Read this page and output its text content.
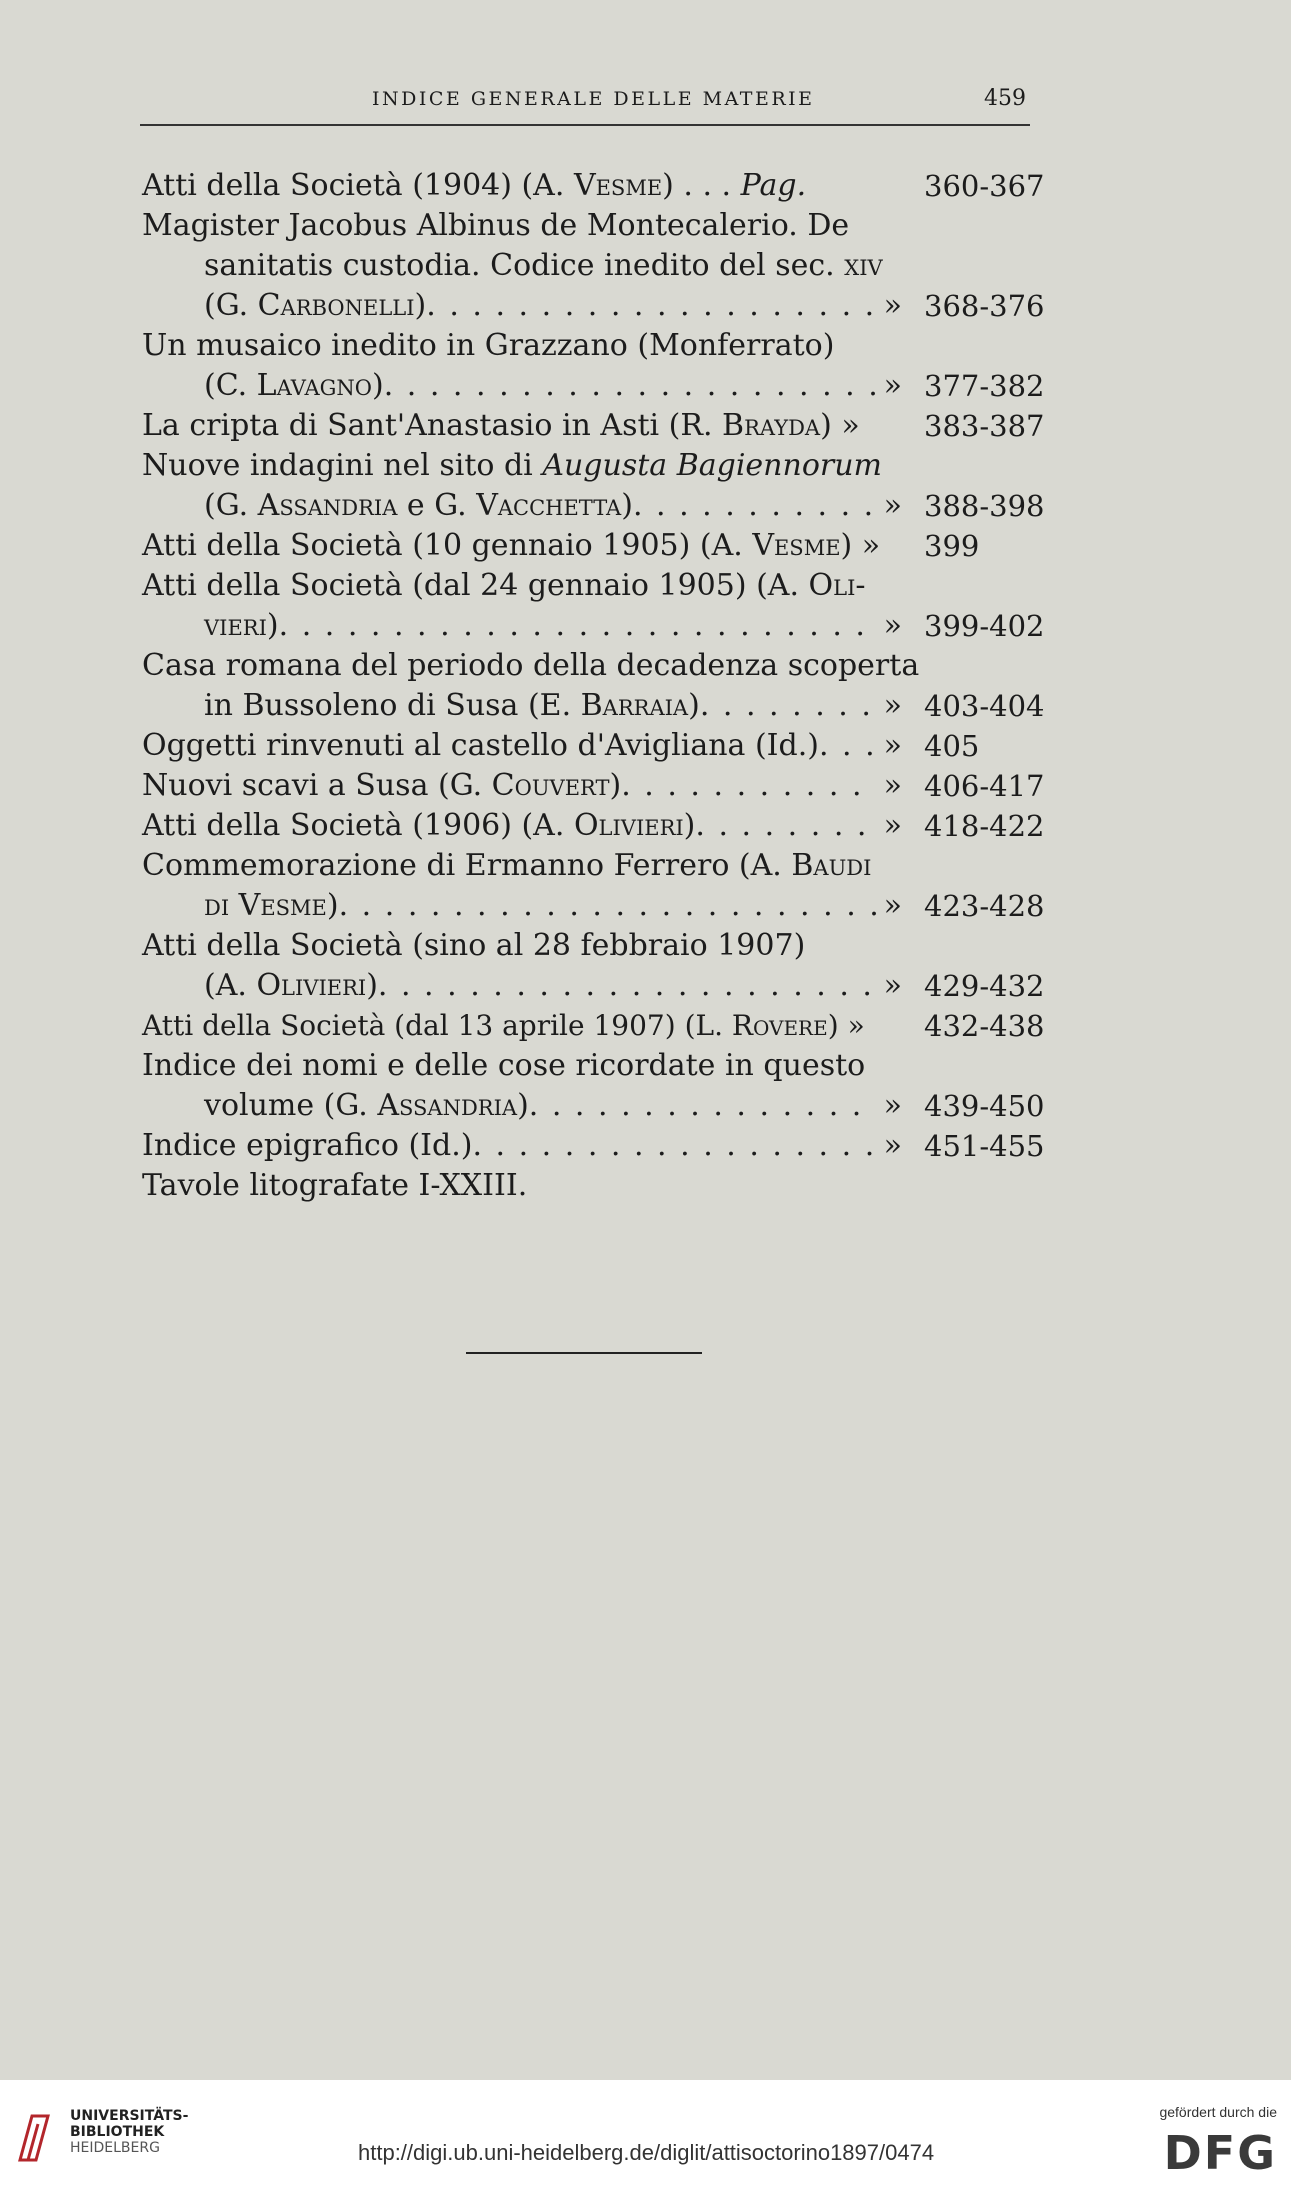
INDICE GENERALE DELLE MATERIE	459
Atti della Società (1904) (A. Vesme) . . . Pag.	360-367
Magister Jacobus Albinus de Montecalerio. De
sanitatis custodia. Codice inedito del sec. xiv
(G. Carbonelli) . . .	» 368-376
Un musaico inedito in Grazzano (Monferrato)
(C. Lavagno) . . .	» 377-382
La cripta di Sant'Anastasio in Asti (R. Brayda) »	383-387
Nuove indagini nel sito di Augusta Bagiennorum
(G. Assandria e G. Vacchetta) . . .	» 388-398
Atti della Società (10 gennaio 1905) (A. Vesme) »	399
Atti della Società (dal 24 gennaio 1905) (A. Oli-
vieri) . . .	» 399-402
Casa romana del periodo della decadenza scoperta
in Bussoleno di Susa (E. Barraia) . . .	» 403-404
Oggetti rinvenuti al castello d'Avigliana (Id.) . . . » 405
Nuovi scavi a Susa (G. Couvert) . . .	» 406-417
Atti della Società (1906) (A. Olivieri) . . .	» 418-422
Commemorazione di Ermanno Ferrero (A. Baudi
di Vesme) . . .	» 423-428
Atti della Società (sino al 28 febbraio 1907)
(A. Olivieri) . . .	» 429-432
Atti della Società (dal 13 aprile 1907) (L. Rovere) »	432-438
Indice dei nomi e delle cose ricordate in questo
volume (G. Assandria) . . .	» 439-450
Indice epigrafico (Id.) . . .	» 451-455
Tavole litografate I-XXIII.
UNIVERSITÄTS-
BIBLIOTHEK
HEIDELBERG	http://digi.ub.uni-heidelberg.de/diglit/attisoctorino1897/0474
gefördert durch die
DFG
